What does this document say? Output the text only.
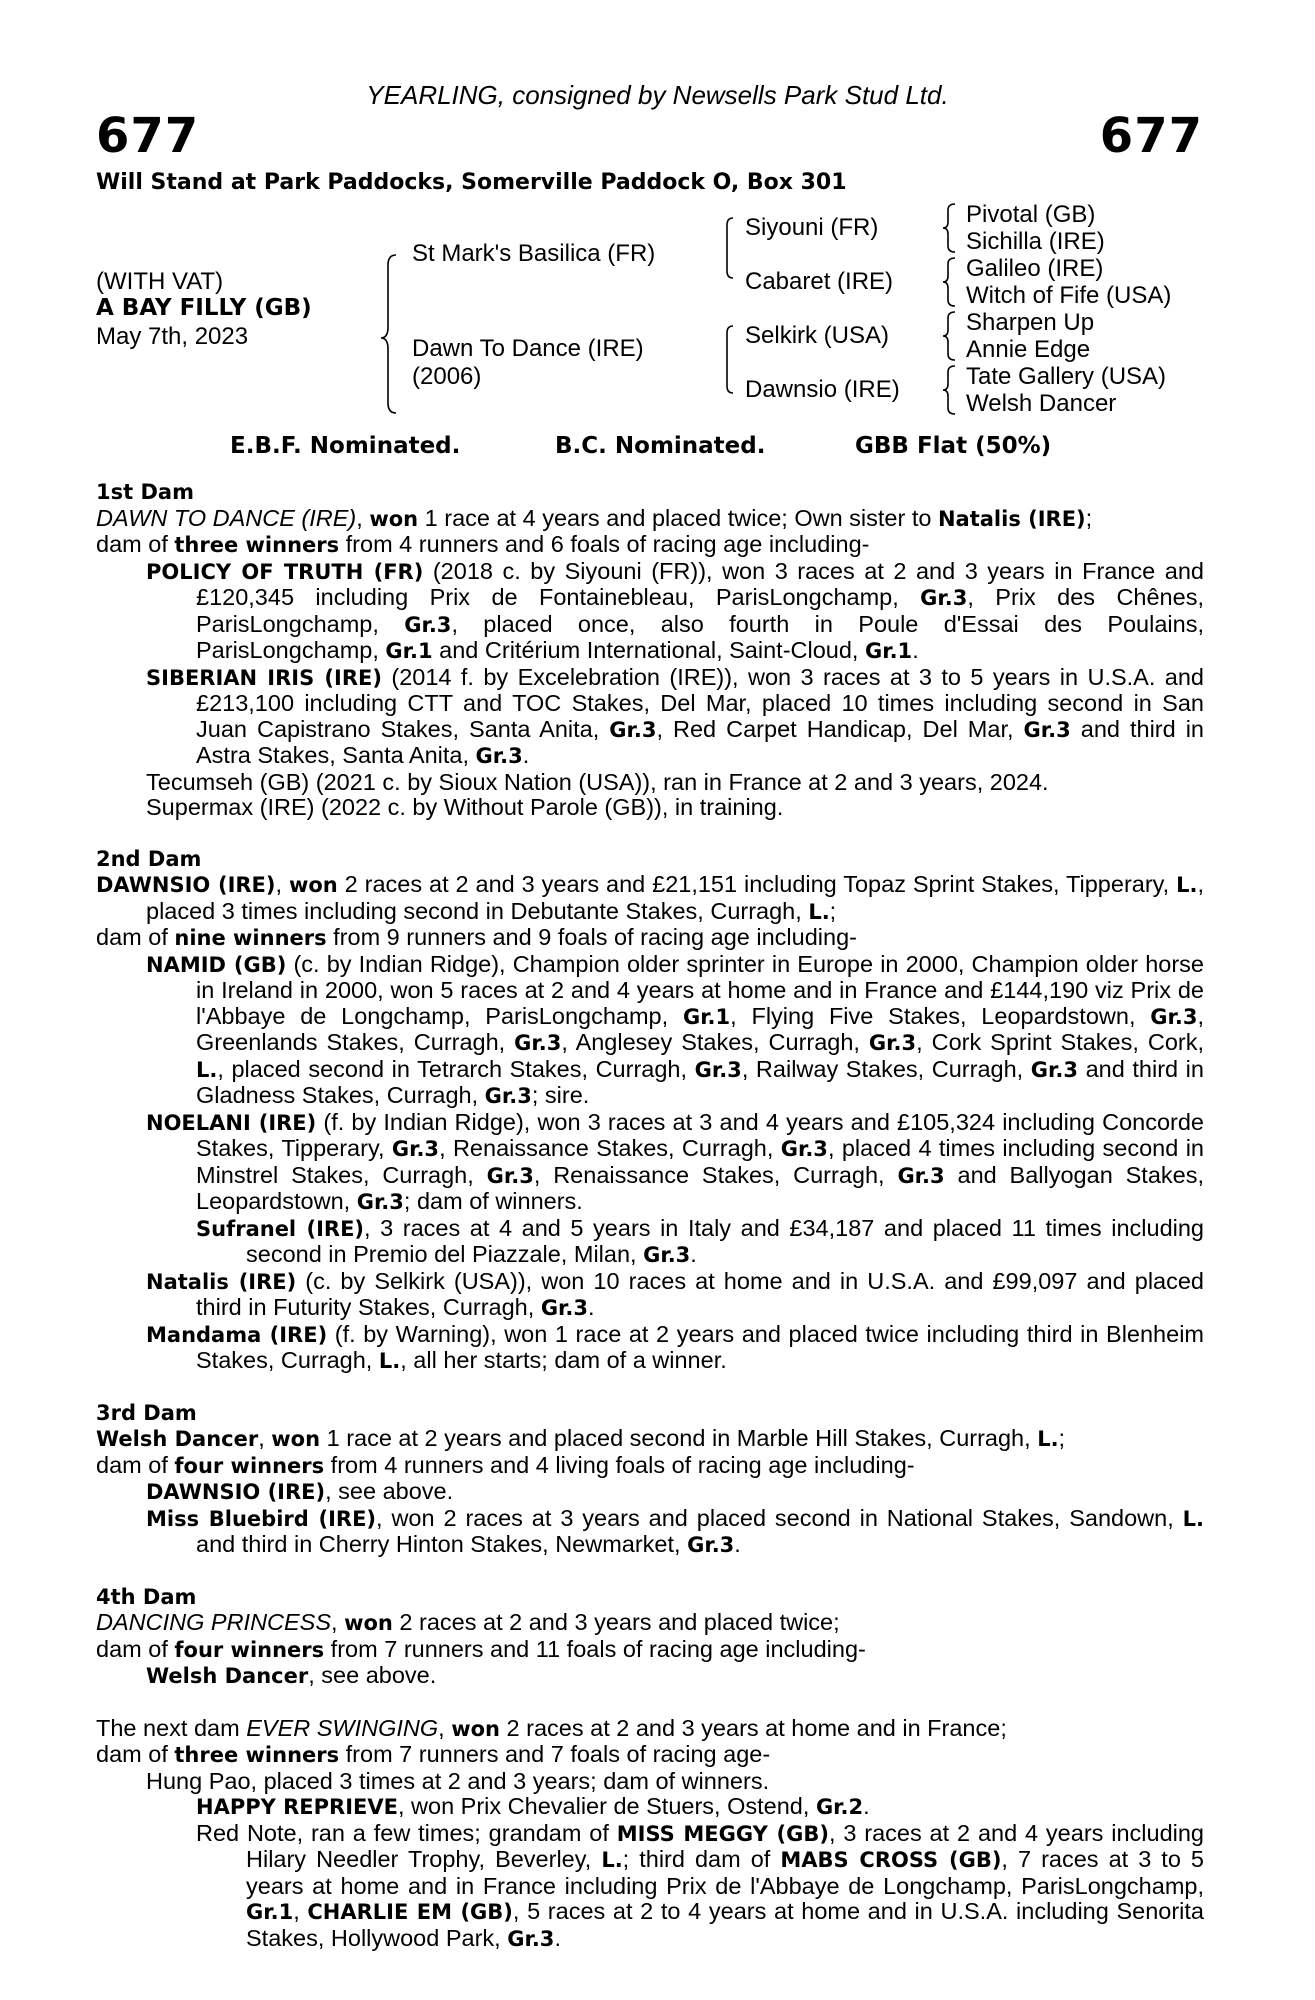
YEARLING, consigned by Newsells Park Stud Ltd.
677	677
Will Stand at Park Paddocks, Somerville Paddock O, Box 301
(WITH VAT)
A BAY FILLY (GB)
May 7th, 2023
St Mark's Basilica (FR)
Dawn To Dance (IRE)
(2006)
Siyouni (FR)
Cabaret (IRE)
Selkirk (USA)
Dawnsio (IRE)
Pivotal (GB)
Sichilla (IRE)
Galileo (IRE)
Witch of Fife (USA)
Sharpen Up
Annie Edge
Tate Gallery (USA)
Welsh Dancer
E.B.F. Nominated.	B.C. Nominated.	GBB Flat (50%)
1st Dam
DAWN TO DANCE (IRE), won 1 race at 4 years and placed twice; Own sister to Natalis (IRE);
dam of three winners from 4 runners and 6 foals of racing age including-
POLICY OF TRUTH (FR) (2018 c. by Siyouni (FR)), won 3 races at 2 and 3 years in France and £120,345 including Prix de Fontainebleau, ParisLongchamp, Gr.3, Prix des Chênes, ParisLongchamp, Gr.3, placed once, also fourth in Poule d'Essai des Poulains, ParisLongchamp, Gr.1 and Critérium International, Saint-Cloud, Gr.1.
SIBERIAN IRIS (IRE) (2014 f. by Excelebration (IRE)), won 3 races at 3 to 5 years in U.S.A. and £213,100 including CTT and TOC Stakes, Del Mar, placed 10 times including second in San Juan Capistrano Stakes, Santa Anita, Gr.3, Red Carpet Handicap, Del Mar, Gr.3 and third in Astra Stakes, Santa Anita, Gr.3.
Tecumseh (GB) (2021 c. by Sioux Nation (USA)), ran in France at 2 and 3 years, 2024.
Supermax (IRE) (2022 c. by Without Parole (GB)), in training.
2nd Dam
DAWNSIO (IRE), won 2 races at 2 and 3 years and £21,151 including Topaz Sprint Stakes, Tipperary, L., placed 3 times including second in Debutante Stakes, Curragh, L.;
dam of nine winners from 9 runners and 9 foals of racing age including-
NAMID (GB) (c. by Indian Ridge), Champion older sprinter in Europe in 2000, Champion older horse in Ireland in 2000, won 5 races at 2 and 4 years at home and in France and £144,190 viz Prix de l'Abbaye de Longchamp, ParisLongchamp, Gr.1, Flying Five Stakes, Leopardstown, Gr.3, Greenlands Stakes, Curragh, Gr.3, Anglesey Stakes, Curragh, Gr.3, Cork Sprint Stakes, Cork, L., placed second in Tetrarch Stakes, Curragh, Gr.3, Railway Stakes, Curragh, Gr.3 and third in Gladness Stakes, Curragh, Gr.3; sire.
NOELANI (IRE) (f. by Indian Ridge), won 3 races at 3 and 4 years and £105,324 including Concorde Stakes, Tipperary, Gr.3, Renaissance Stakes, Curragh, Gr.3, placed 4 times including second in Minstrel Stakes, Curragh, Gr.3, Renaissance Stakes, Curragh, Gr.3 and Ballyogan Stakes, Leopardstown, Gr.3; dam of winners.
Sufranel (IRE), 3 races at 4 and 5 years in Italy and £34,187 and placed 11 times including second in Premio del Piazzale, Milan, Gr.3.
Natalis (IRE) (c. by Selkirk (USA)), won 10 races at home and in U.S.A. and £99,097 and placed third in Futurity Stakes, Curragh, Gr.3.
Mandama (IRE) (f. by Warning), won 1 race at 2 years and placed twice including third in Blenheim Stakes, Curragh, L., all her starts; dam of a winner.
3rd Dam
Welsh Dancer, won 1 race at 2 years and placed second in Marble Hill Stakes, Curragh, L.;
dam of four winners from 4 runners and 4 living foals of racing age including-
DAWNSIO (IRE), see above.
Miss Bluebird (IRE), won 2 races at 3 years and placed second in National Stakes, Sandown, L. and third in Cherry Hinton Stakes, Newmarket, Gr.3.
4th Dam
DANCING PRINCESS, won 2 races at 2 and 3 years and placed twice;
dam of four winners from 7 runners and 11 foals of racing age including-
Welsh Dancer, see above.
The next dam EVER SWINGING, won 2 races at 2 and 3 years at home and in France;
dam of three winners from 7 runners and 7 foals of racing age-
Hung Pao, placed 3 times at 2 and 3 years; dam of winners.
HAPPY REPRIEVE, won Prix Chevalier de Stuers, Ostend, Gr.2.
Red Note, ran a few times; grandam of MISS MEGGY (GB), 3 races at 2 and 4 years including Hilary Needler Trophy, Beverley, L.; third dam of MABS CROSS (GB), 7 races at 3 to 5 years at home and in France including Prix de l'Abbaye de Longchamp, ParisLongchamp, Gr.1, CHARLIE EM (GB), 5 races at 2 to 4 years at home and in U.S.A. including Senorita Stakes, Hollywood Park, Gr.3.
